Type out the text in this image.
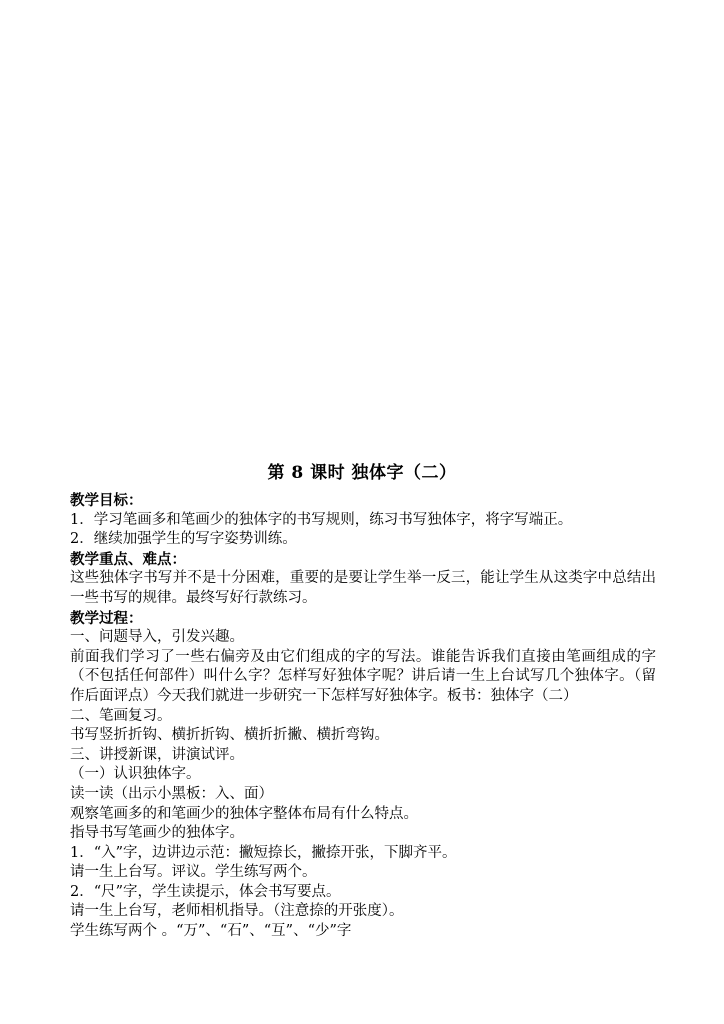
第 8 课时 独体字（二）

教学目标：

1．学习笔画多和笔画少的独体字的书写规则，练习书写独体字，将字写端正。

2．继续加强学生的写字姿势训练。

教学重点、难点：

这些独体字书写并不是十分困难，重要的是要让学生举一反三，能让学生从这类字中总结出一些书写的规律。最终写好行款练习。

教学过程：

一、问题导入，引发兴趣。

前面我们学习了一些右偏旁及由它们组成的字的写法。谁能告诉我们直接由笔画组成的字（不包括任何部件）叫什么字？怎样写好独体字呢？讲后请一生上台试写几个独体字。（留作后面评点）今天我们就进一步研究一下怎样写好独体字。板书：独体字（二）

二、笔画复习。

书写竖折折钩、横折折钩、横折折撇、横折弯钩。

三、讲授新课，讲演试评。

（一）认识独体字。

读一读（出示小黑板：入、面）

观察笔画多的和笔画少的独体字整体布局有什么特点。

指导书写笔画少的独体字。

1．“入”字，边讲边示范：撇短捺长，撇捺开张，下脚齐平。

请一生上台写。评议。学生练写两个。

2．“尺”字，学生读提示，体会书写要点。

请一生上台写，老师相机指导。（注意捺的开张度）。

学生练写两个 。“万”、“石”、“互”、“少”字
